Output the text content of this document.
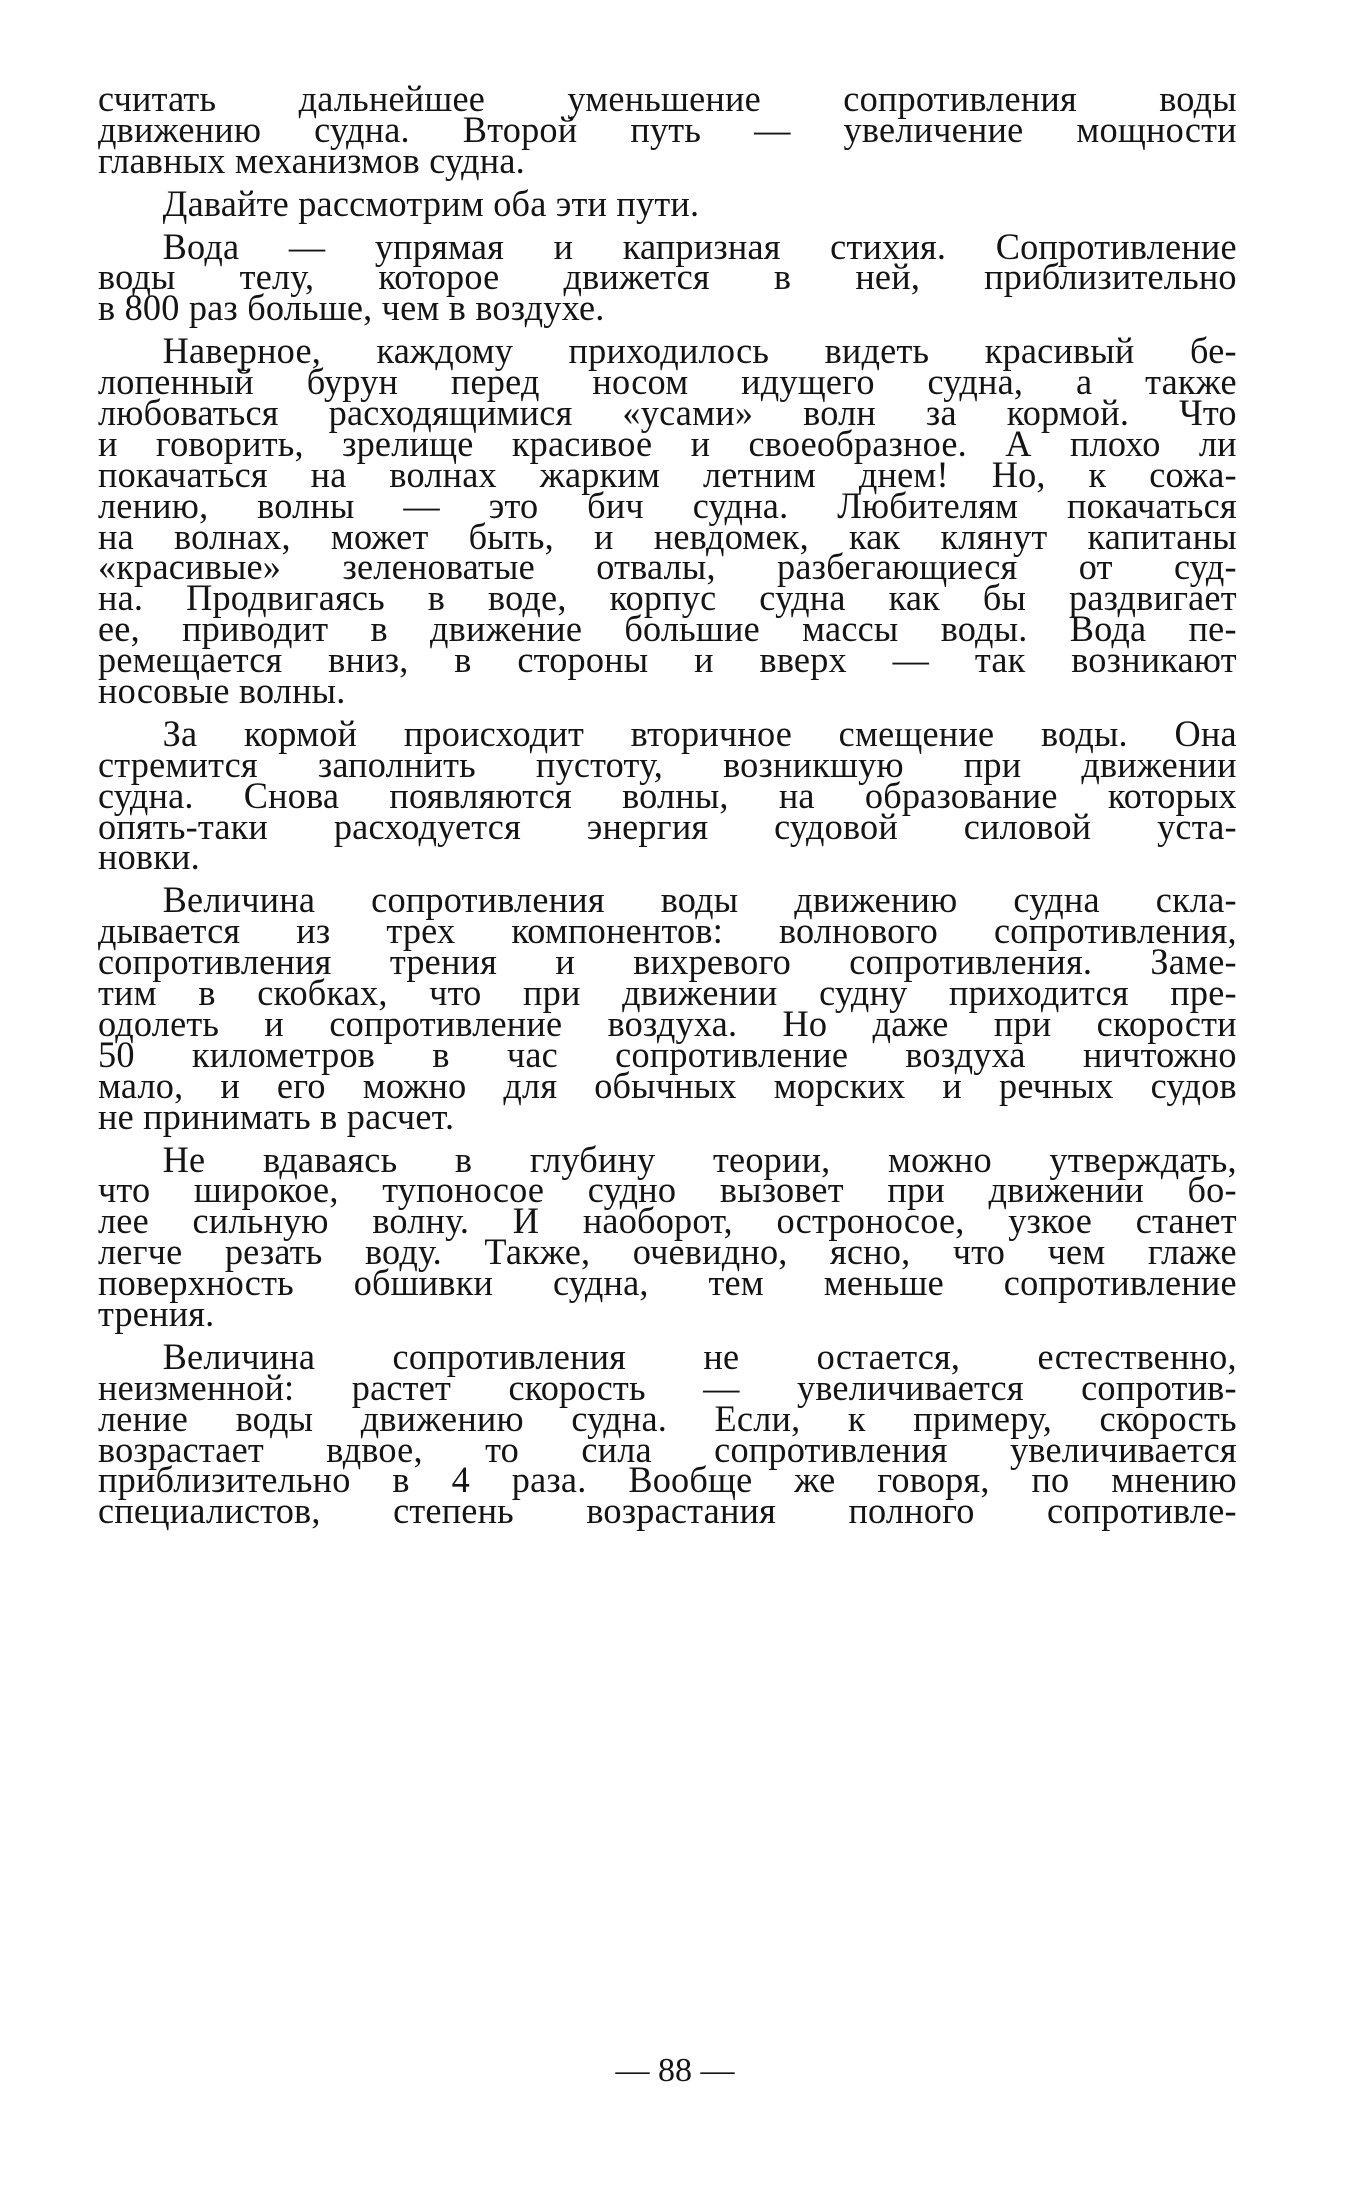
считать дальнейшее уменьшение сопротивления воды
движению судна. Второй путь — увеличение мощности
главных механизмов судна.
Давайте рассмотрим оба эти пути.
Вода — упрямая и капризная стихия. Сопротивление
воды телу, которое движется в ней, приблизительно
в 800 раз больше, чем в воздухе.
Наверное, каждому приходилось видеть красивый бе-
лопенный бурун перед носом идущего судна, а также
любоваться расходящимися «усами» волн за кормой. Что
и говорить, зрелище красивое и своеобразное. А плохо ли
покачаться на волнах жарким летним днем! Но, к сожа-
лению, волны — это бич судна. Любителям покачаться
на волнах, может быть, и невдомек, как клянут капитаны
«красивые» зеленоватые отвалы, разбегающиеся от суд-
на. Продвигаясь в воде, корпус судна как бы раздвигает
ее, приводит в движение большие массы воды. Вода пе-
ремещается вниз, в стороны и вверх — так возникают
носовые волны.
За кормой происходит вторичное смещение воды. Она
стремится заполнить пустоту, возникшую при движении
судна. Снова появляются волны, на образование которых
опять-таки расходуется энергия судовой силовой уста-
новки.
Величина сопротивления воды движению судна скла-
дывается из трех компонентов: волнового сопротивления,
сопротивления трения и вихревого сопротивления. Заме-
тим в скобках, что при движении судну приходится пре-
одолеть и сопротивление воздуха. Но даже при скорости
50 километров в час сопротивление воздуха ничтожно
мало, и его можно для обычных морских и речных судов
не принимать в расчет.
Не вдаваясь в глубину теории, можно утверждать,
что широкое, тупоносое судно вызовет при движении бо-
лее сильную волну. И наоборот, остроносое, узкое станет
легче резать воду. Также, очевидно, ясно, что чем глаже
поверхность обшивки судна, тем меньше сопротивление
трения.
Величина сопротивления не остается, естественно,
неизменной: растет скорость — увеличивается сопротив-
ление воды движению судна. Если, к примеру, скорость
возрастает вдвое, то сила сопротивления увеличивается
приблизительно в 4 раза. Вообще же говоря, по мнению
специалистов, степень возрастания полного сопротивле-
— 88 —
